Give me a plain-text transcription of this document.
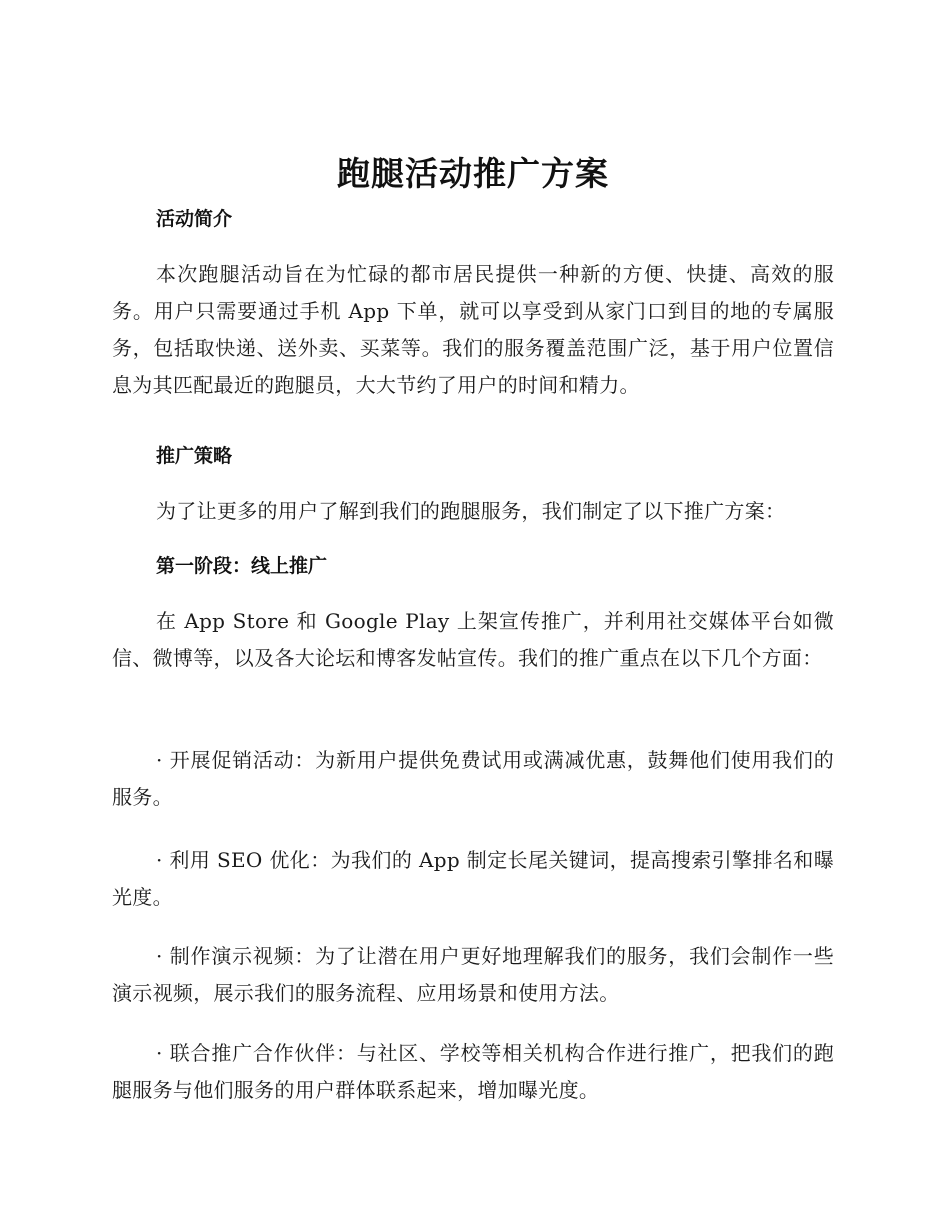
跑腿活动推广方案
活动简介

本次跑腿活动旨在为忙碌的都市居民提供一种新的方便、快捷、高效的服务。用户只需要通过手机 App 下单，就可以享受到从家门口到目的地的专属服务，包括取快递、送外卖、买菜等。我们的服务覆盖范围广泛，基于用户位置信息为其匹配最近的跑腿员，大大节约了用户的时间和精力。

推广策略

为了让更多的用户了解到我们的跑腿服务，我们制定了以下推广方案：

第一阶段：线上推广

在 App Store 和 Google Play 上架宣传推广，并利用社交媒体平台如微信、微博等，以及各大论坛和博客发帖宣传。我们的推广重点在以下几个方面：

· 开展促销活动：为新用户提供免费试用或满减优惠，鼓舞他们使用我们的服务。

· 利用 SEO 优化：为我们的 App 制定长尾关键词，提高搜索引擎排名和曝光度。

· 制作演示视频：为了让潜在用户更好地理解我们的服务，我们会制作一些演示视频，展示我们的服务流程、应用场景和使用方法。

· 联合推广合作伙伴：与社区、学校等相关机构合作进行推广，把我们的跑腿服务与他们服务的用户群体联系起来，增加曝光度。
